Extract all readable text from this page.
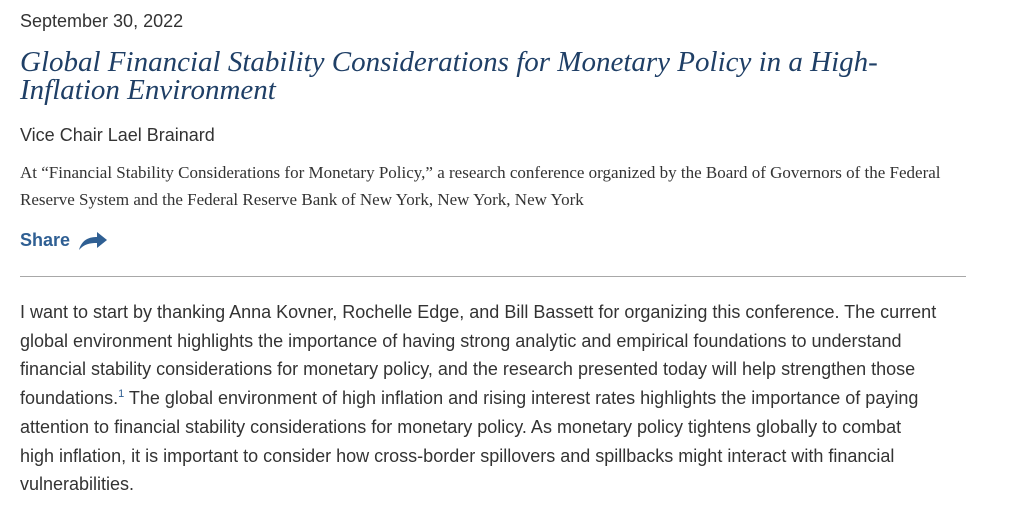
September 30, 2022
Global Financial Stability Considerations for Monetary Policy in a High-Inflation Environment
Vice Chair Lael Brainard
At “Financial Stability Considerations for Monetary Policy,” a research conference organized by the Board of Governors of the Federal Reserve System and the Federal Reserve Bank of New York, New York, New York
Share

I want to start by thanking Anna Kovner, Rochelle Edge, and Bill Bassett for organizing this conference. The current global environment highlights the importance of having strong analytic and empirical foundations to understand financial stability considerations for monetary policy, and the research presented today will help strengthen those foundations.$^1$ The global environment of high inflation and rising interest rates highlights the importance of paying attention to financial stability considerations for monetary policy. As monetary policy tightens globally to combat high inflation, it is important to consider how cross-border spillovers and spillbacks might interact with financial vulnerabilities.
